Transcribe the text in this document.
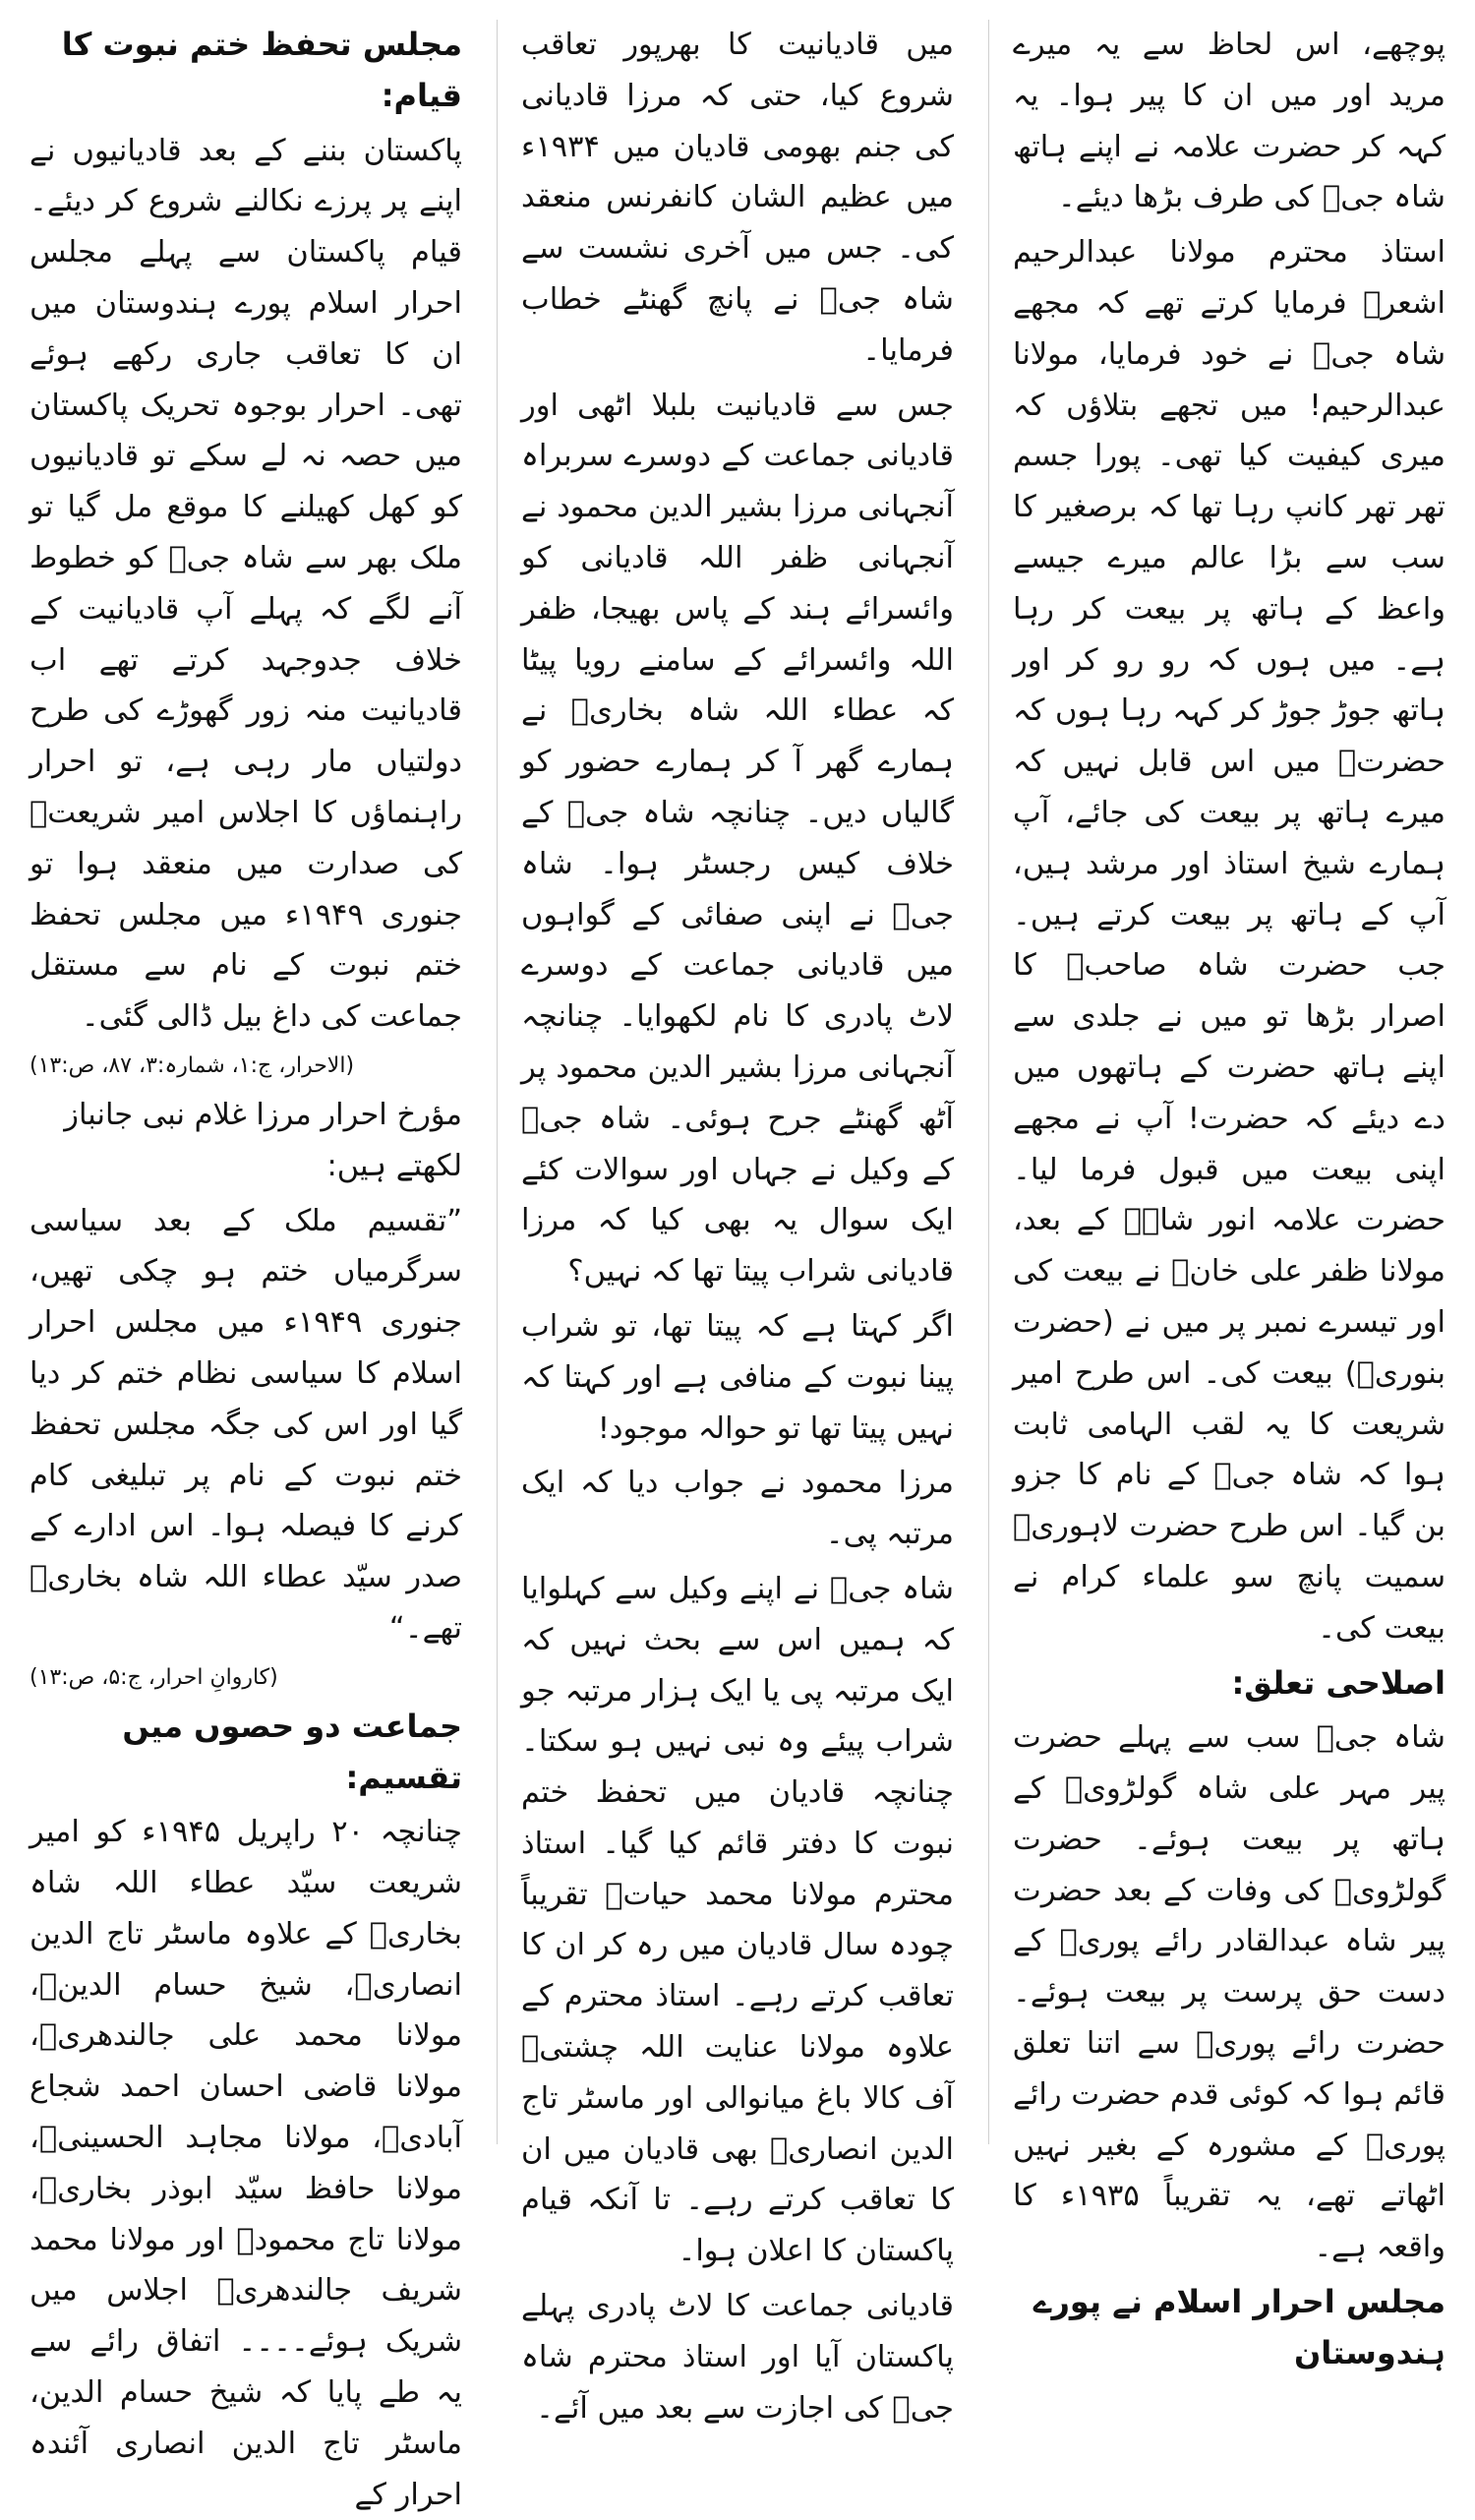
پوچھے، اس لحاظ سے یہ میرے مرید اور میں ان کا پیر ہوا۔ یہ کہہ کر حضرت علامہ نے اپنے ہاتھ شاہ جیؒ کی طرف بڑھا دیئے۔

استاذ محترم مولانا عبدالرحیم اشعرؒ فرمایا کرتے تھے کہ مجھے شاہ جیؒ نے خود فرمایا، مولانا عبدالرحیم! میں تجھے بتلاؤں کہ میری کیفیت کیا تھی۔ پورا جسم تھر تھر کانپ رہا تھا کہ برصغیر کا سب سے بڑا عالم میرے جیسے واعظ کے ہاتھ پر بیعت کر رہا ہے۔ میں ہوں کہ رو رو کر اور ہاتھ جوڑ جوڑ کر کہہ رہا ہوں کہ حضرتؒ میں اس قابل نہیں کہ میرے ہاتھ پر بیعت کی جائے، آپ ہمارے شیخ استاذ اور مرشد ہیں، آپ کے ہاتھ پر بیعت کرتے ہیں۔ جب حضرت شاہ صاحبؒ کا اصرار بڑھا تو میں نے جلدی سے اپنے ہاتھ حضرت کے ہاتھوں میں دے دیئے کہ حضرت! آپ نے مجھے اپنی بیعت میں قبول فرما لیا۔ حضرت علامہ انور شاہؒ کے بعد، مولانا ظفر علی خانؒ نے بیعت کی اور تیسرے نمبر پر میں نے (حضرت بنوریؒ) بیعت کی۔ اس طرح امیر شریعت کا یہ لقب الہامی ثابت ہوا کہ شاہ جیؒ کے نام کا جزو بن گیا۔ اس طرح حضرت لاہوریؒ سمیت پانچ سو علماء کرام نے بیعت کی۔

اصلاحی تعلق:

شاہ جیؒ سب سے پہلے حضرت پیر مہر علی شاہ گولڑویؒ کے ہاتھ پر بیعت ہوئے۔ حضرت گولڑویؒ کی وفات کے بعد حضرت پیر شاہ عبدالقادر رائے پوریؒ کے دست حق پرست پر بیعت ہوئے۔ حضرت رائے پوریؒ سے اتنا تعلق قائم ہوا کہ کوئی قدم حضرت رائے پوریؒ کے مشورہ کے بغیر نہیں اٹھاتے تھے، یہ تقریباً ۱۹۳۵ء کا واقعہ ہے۔

مجلس احرار اسلام نے پورے ہندوستان

میں قادیانیت کا بھرپور تعاقب شروع کیا، حتی کہ مرزا قادیانی کی جنم بھومی قادیان میں ۱۹۳۴ء میں عظیم الشان کانفرنس منعقد کی۔ جس میں آخری نشست سے شاہ جیؒ نے پانچ گھنٹے خطاب فرمایا۔

جس سے قادیانیت بلبلا اٹھی اور قادیانی جماعت کے دوسرے سربراہ آنجہانی مرزا بشیر الدین محمود نے آنجہانی ظفر اللہ قادیانی کو وائسرائے ہند کے پاس بھیجا، ظفر اللہ وائسرائے کے سامنے رویا پیٹا کہ عطاء اللہ شاہ بخاریؒ نے ہمارے گھر آ کر ہمارے حضور کو گالیاں دیں۔ چنانچہ شاہ جیؒ کے خلاف کیس رجسٹر ہوا۔ شاہ جیؒ نے اپنی صفائی کے گواہوں میں قادیانی جماعت کے دوسرے لاٹ پادری کا نام لکھوایا۔ چنانچہ آنجہانی مرزا بشیر الدین محمود پر آٹھ گھنٹے جرح ہوئی۔ شاہ جیؒ کے وکیل نے جہاں اور سوالات کئے ایک سوال یہ بھی کیا کہ مرزا قادیانی شراب پیتا تھا کہ نہیں؟

اگر کہتا ہے کہ پیتا تھا، تو شراب پینا نبوت کے منافی ہے اور کہتا کہ نہیں پیتا تھا تو حوالہ موجود!

مرزا محمود نے جواب دیا کہ ایک مرتبہ پی۔

شاہ جیؒ نے اپنے وکیل سے کہلوایا کہ ہمیں اس سے بحث نہیں کہ ایک مرتبہ پی یا ایک ہزار مرتبہ جو شراب پیئے وہ نبی نہیں ہو سکتا۔ چنانچہ قادیان میں تحفظ ختم نبوت کا دفتر قائم کیا گیا۔ استاذ محترم مولانا محمد حیاتؒ تقریباً چودہ سال قادیان میں رہ کر ان کا تعاقب کرتے رہے۔ استاذ محترم کے علاوہ مولانا عنایت اللہ چشتیؒ آف کالا باغ میانوالی اور ماسٹر تاج الدین انصاریؒ بھی قادیان میں ان کا تعاقب کرتے رہے۔ تا آنکہ قیام پاکستان کا اعلان ہوا۔

قادیانی جماعت کا لاٹ پادری پہلے پاکستان آیا اور استاذ محترم شاہ جیؒ کی اجازت سے بعد میں آئے۔

مجلس تحفظ ختم نبوت کا قیام:

پاکستان بننے کے بعد قادیانیوں نے اپنے پر پرزے نکالنے شروع کر دیئے۔ قیام پاکستان سے پہلے مجلس احرار اسلام پورے ہندوستان میں ان کا تعاقب جاری رکھے ہوئے تھی۔ احرار بوجوہ تحریک پاکستان میں حصہ نہ لے سکے تو قادیانیوں کو کھل کھیلنے کا موقع مل گیا تو ملک بھر سے شاہ جیؒ کو خطوط آنے لگے کہ پہلے آپ قادیانیت کے خلاف جدوجہد کرتے تھے اب قادیانیت منہ زور گھوڑے کی طرح دولتیاں مار رہی ہے، تو احرار راہنماؤں کا اجلاس امیر شریعتؒ کی صدارت میں منعقد ہوا تو جنوری ۱۹۴۹ء میں مجلس تحفظ ختم نبوت کے نام سے مستقل جماعت کی داغ بیل ڈالی گئی۔

(الاحرار، ج:۱، شمارہ:۳، ۸۷، ص:۱۳)

مؤرخ احرار مرزا غلام نبی جانباز لکھتے ہیں:

”تقسیم ملک کے بعد سیاسی سرگرمیاں ختم ہو چکی تھیں، جنوری ۱۹۴۹ء میں مجلس احرار اسلام کا سیاسی نظام ختم کر دیا گیا اور اس کی جگہ مجلس تحفظ ختم نبوت کے نام پر تبلیغی کام کرنے کا فیصلہ ہوا۔ اس ادارے کے صدر سیّد عطاء اللہ شاہ بخاریؒ تھے۔“

(کاروانِ احرار، ج:۵، ص:۱۳)

جماعت دو حصوں میں تقسیم:

چنانچہ ۲۰ راپریل ۱۹۴۵ء کو امیر شریعت سیّد عطاء اللہ شاہ بخاریؒ کے علاوہ ماسٹر تاج الدین انصاریؒ، شیخ حسام الدینؒ، مولانا محمد علی جالندھریؒ، مولانا قاضی احسان احمد شجاع آبادیؒ، مولانا مجاہد الحسینیؒ، مولانا حافظ سیّد ابوذر بخاریؒ، مولانا تاج محمودؒ اور مولانا محمد شریف جالندھریؒ اجلاس میں شریک ہوئے۔۔۔۔ اتفاق رائے سے یہ طے پایا کہ شیخ حسام الدین، ماسٹر تاج الدین انصاری آئندہ احرار کے
